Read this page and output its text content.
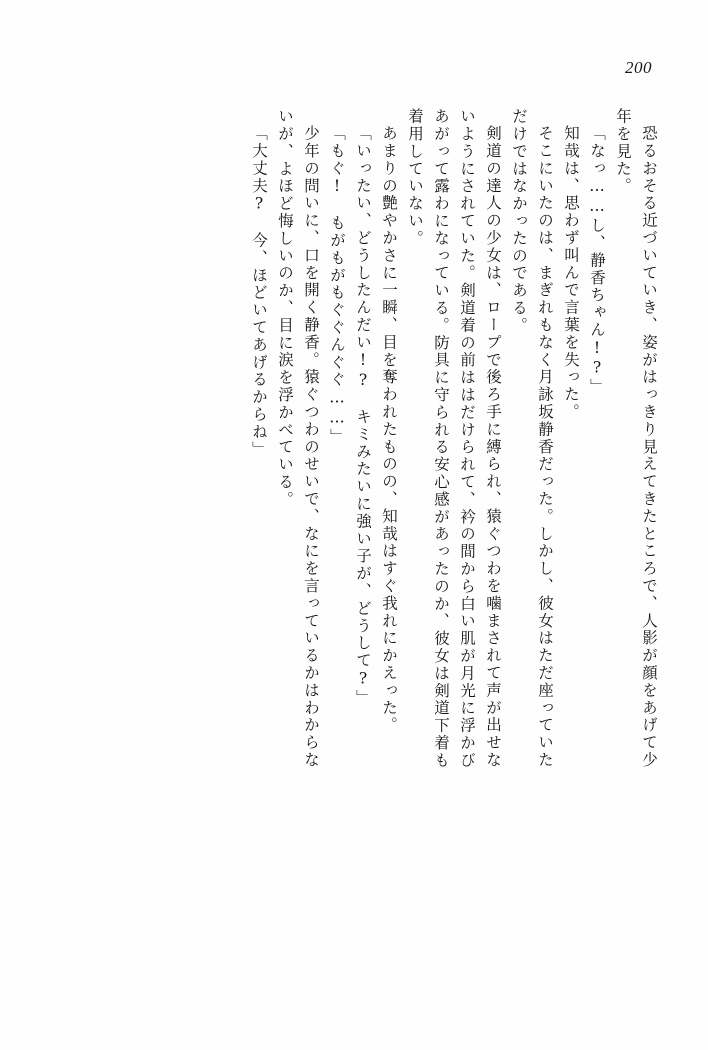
200
恐るおそる近づいていき、姿がはっきり見えてきたところで、人影が顔をあげて少
年を見た。
「なっ……し、静香ちゃん!?」
知哉は、思わず叫んで言葉を失った。
そこにいたのは、まぎれもなく月詠坂静香だった。しかし、彼女はただ座っていた
だけではなかったのである。
剣道の達人の少女は、ロープで後ろ手に縛られ、猿ぐつわを噛まされて声が出せな
いようにされていた。剣道着の前ははだけられて、衿の間から白い肌が月光に浮かび
あがって露わになっている。防具に守られる安心感があったのか、彼女は剣道下着も
着用していない。
あまりの艶やかさに一瞬、目を奪われたものの、知哉はすぐ我れにかえった。
「いったい、どうしたんだい!?　キミみたいに強い子が、どうして?」
「もぐ!　もがもがもぐぐんぐぐ……」
少年の問いに、口を開く静香。猿ぐつわのせいで、なにを言っているかはわからな
いが、よほど悔しいのか、目に涙を浮かべている。
「大丈夫?　今、ほどいてあげるからね」
